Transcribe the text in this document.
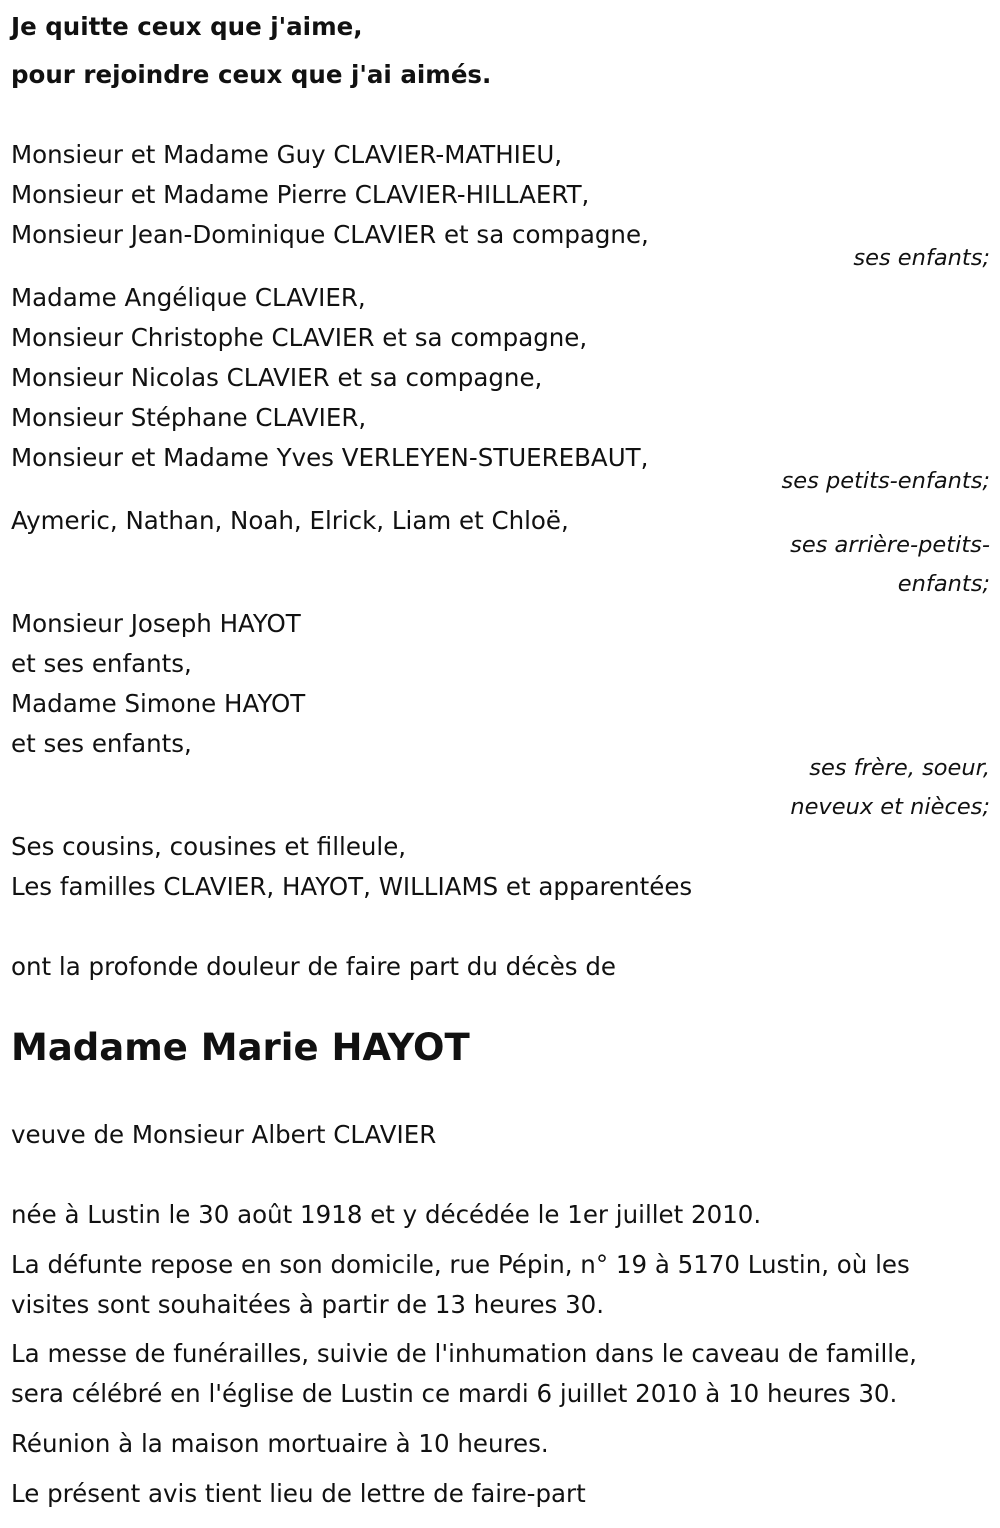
Je quitte ceux que j'aime,
pour rejoindre ceux que j'ai aimés.
Monsieur et Madame Guy CLAVIER-MATHIEU,
Monsieur et Madame Pierre CLAVIER-HILLAERT,
Monsieur Jean-Dominique CLAVIER et sa compagne,
ses enfants;
Madame Angélique CLAVIER,
Monsieur Christophe CLAVIER et sa compagne,
Monsieur Nicolas CLAVIER et sa compagne,
Monsieur Stéphane CLAVIER,
Monsieur et Madame Yves VERLEYEN-STUEREBAUT,
ses petits-enfants;
Aymeric, Nathan, Noah, Elrick, Liam et Chloë,
ses arrière-petits-
enfants;
Monsieur Joseph HAYOT
et ses enfants,
Madame Simone HAYOT
et ses enfants,
ses frère, soeur,
neveux et nièces;
Ses cousins, cousines et filleule,
Les familles CLAVIER, HAYOT, WILLIAMS et apparentées
ont la profonde douleur de faire part du décès de
Madame Marie HAYOT
veuve de Monsieur Albert CLAVIER
née à Lustin le 30 août 1918 et y décédée le 1er juillet 2010.
La défunte repose en son domicile, rue Pépin, n° 19 à 5170 Lustin, où les
visites sont souhaitées à partir de 13 heures 30.
La messe de funérailles, suivie de l'inhumation dans le caveau de famille,
sera célébré en l'église de Lustin ce mardi 6 juillet 2010 à 10 heures 30.
Réunion à la maison mortuaire à 10 heures.
Le présent avis tient lieu de lettre de faire-part
